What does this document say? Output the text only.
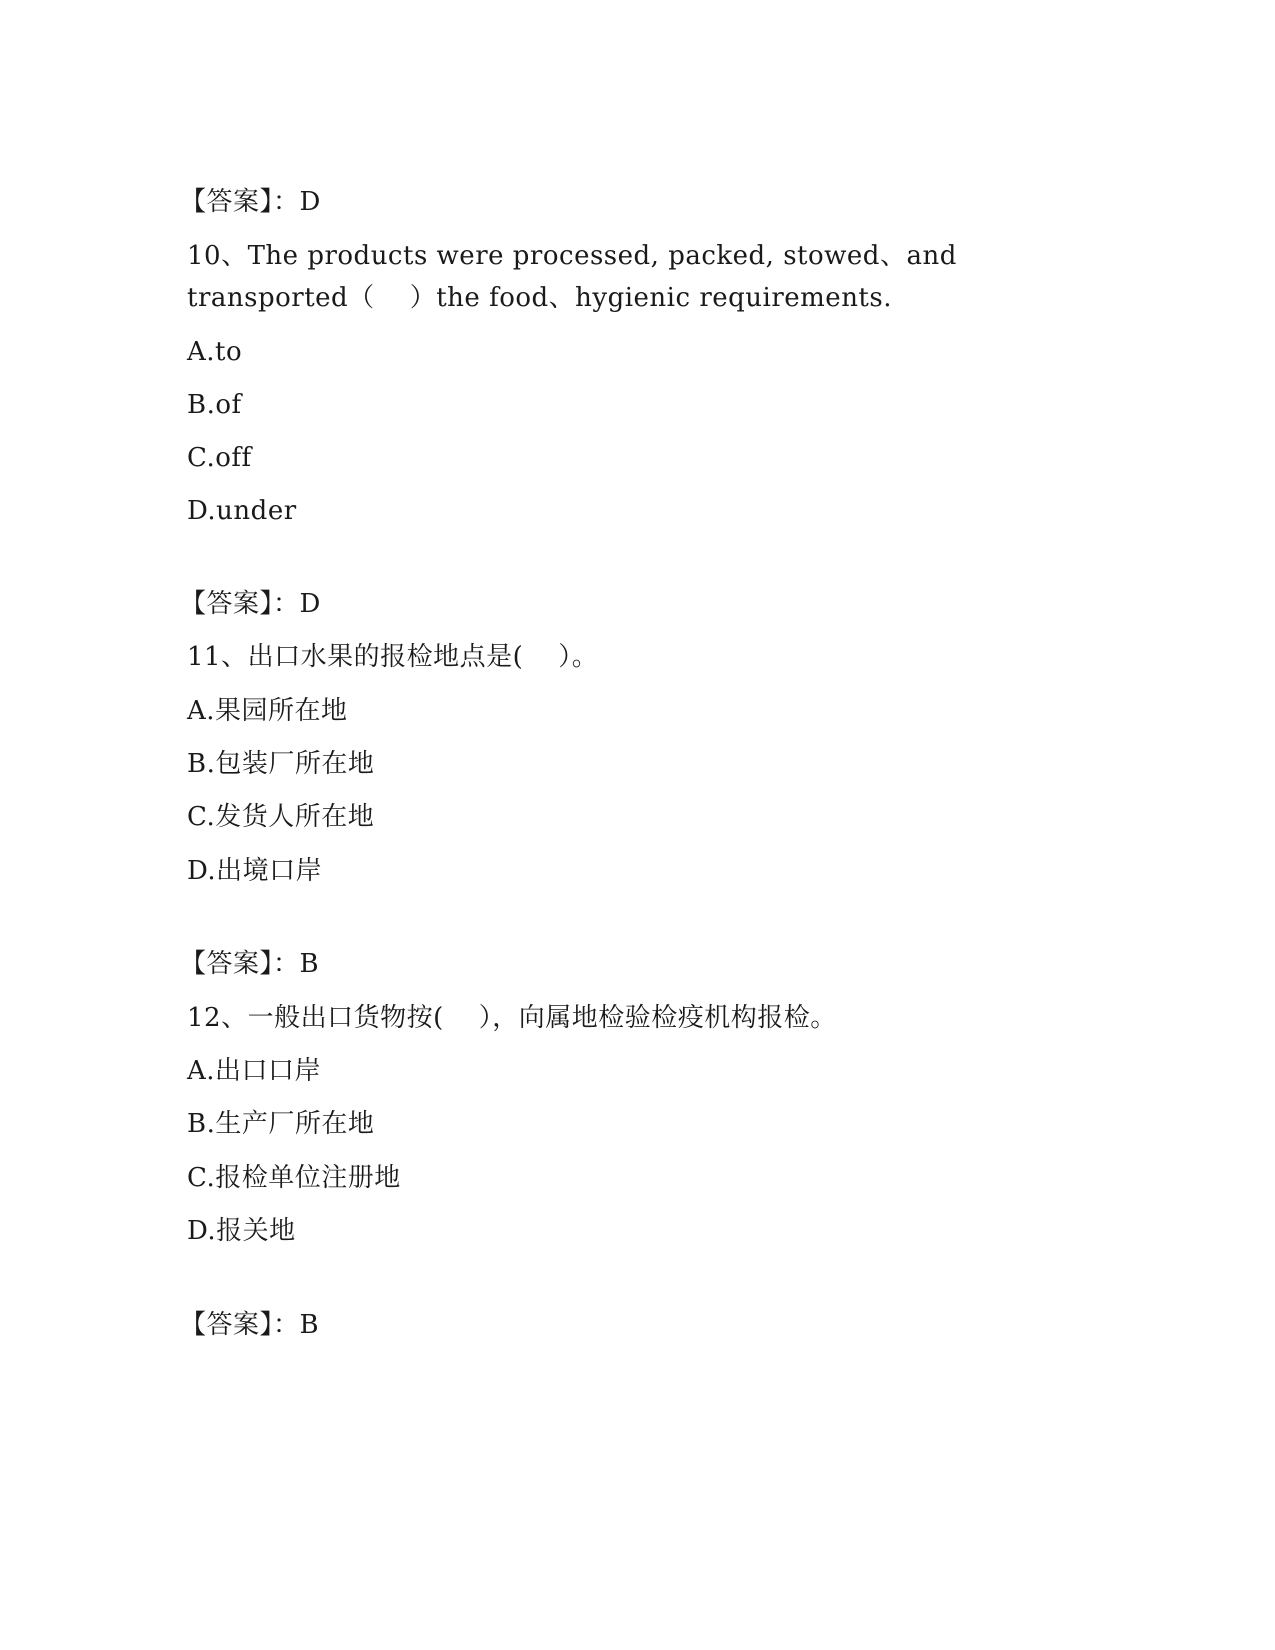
【答案】：D
10、The products were processed, packed, stowed、and
transported（    ）the food、hygienic requirements.
A.to
B.of
C.off
D.under
【答案】：D
11、出口水果的报检地点是(    ）。
A.果园所在地
B.包装厂所在地
C.发货人所在地
D.出境口岸
【答案】：B
12、一般出口货物按(    ），向属地检验检疫机构报检。
A.出口口岸
B.生产厂所在地
C.报检单位注册地
D.报关地
【答案】：B
